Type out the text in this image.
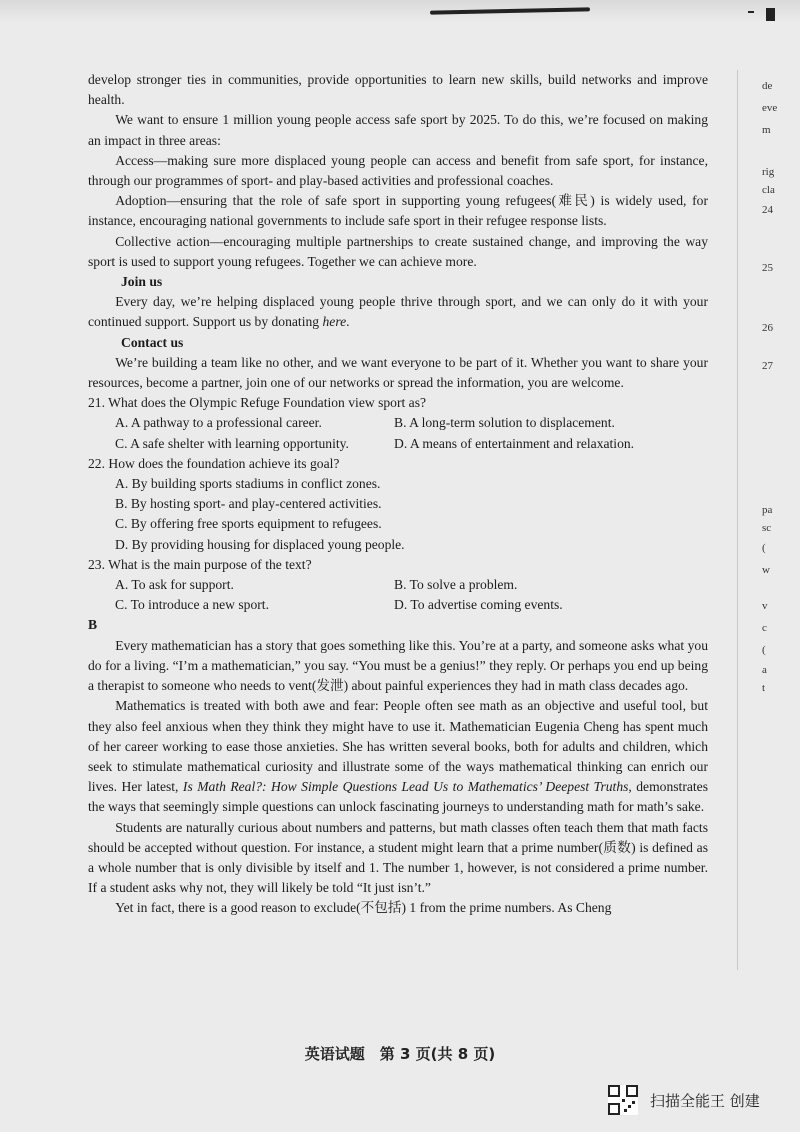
develop stronger ties in communities, provide opportunities to learn new skills, build networks and improve health.

We want to ensure 1 million young people access safe sport by 2025. To do this, we’re focused on making an impact in three areas:

Access—making sure more displaced young people can access and benefit from safe sport, for instance, through our programmes of sport- and play-based activities and professional coaches.

Adoption—ensuring that the role of safe sport in supporting young refugees(难民) is widely used, for instance, encouraging national governments to include safe sport in their refugee response lists.

Collective action—encouraging multiple partnerships to create sustained change, and improving the way sport is used to support young refugees. Together we can achieve more.

Join us

Every day, we’re helping displaced young people thrive through sport, and we can only do it with your continued support. Support us by donating here.

Contact us

We’re building a team like no other, and we want everyone to be part of it. Whether you want to share your resources, become a partner, join one of our networks or spread the information, you are welcome.

21. What does the Olympic Refuge Foundation view sport as?

A. A pathway to a professional career.	B. A long-term solution to displacement.
C. A safe shelter with learning opportunity.	D. A means of entertainment and relaxation.

22. How does the foundation achieve its goal?

A. By building sports stadiums in conflict zones.

B. By hosting sport- and play-centered activities.

C. By offering free sports equipment to refugees.

D. By providing housing for displaced young people.

23. What is the main purpose of the text?

A. To ask for support.	B. To solve a problem.
C. To introduce a new sport.	D. To advertise coming events.

B

Every mathematician has a story that goes something like this. You’re at a party, and someone asks what you do for a living. “I’m a mathematician,” you say. “You must be a genius!” they reply. Or perhaps you end up being a therapist to someone who needs to vent(发泄) about painful experiences they had in math class decades ago.

Mathematics is treated with both awe and fear: People often see math as an objective and useful tool, but they also feel anxious when they think they might have to use it. Mathematician Eugenia Cheng has spent much of her career working to ease those anxieties. She has written several books, both for adults and children, which seek to stimulate mathematical curiosity and illustrate some of the ways mathematical thinking can enrich our lives. Her latest, Is Math Real?: How Simple Questions Lead Us to Mathematics’ Deepest Truths, demonstrates the ways that seemingly simple questions can unlock fascinating journeys to understanding math for math’s sake.

Students are naturally curious about numbers and patterns, but math classes often teach them that math facts should be accepted without question. For instance, a student might learn that a prime number(质数) is defined as a whole number that is only divisible by itself and 1. The number 1, however, is not considered a prime number. If a student asks why not, they will likely be told “It just isn’t.”

Yet in fact, there is a good reason to exclude(不包括) 1 from the prime numbers. As Cheng

de
eve
m
rig
cla
24
25
26
27
pa
sc
(
w
v
c
(
a
t
英语试题　第 3 页(共 8 页)
扫描全能王 创建
